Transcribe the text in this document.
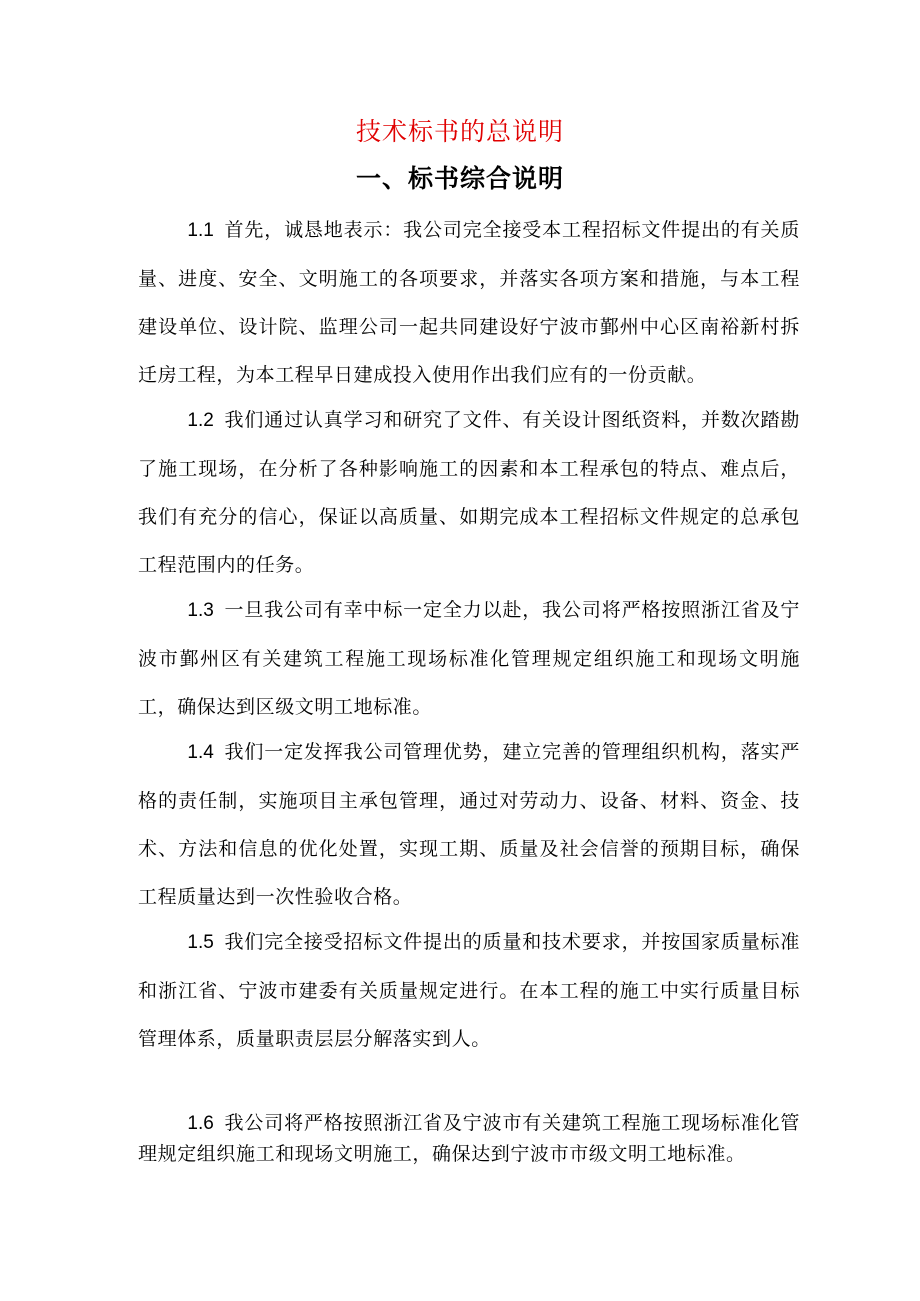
技术标书的总说明
一、标书综合说明

1.1 首先，诚恳地表示：我公司完全接受本工程招标文件提出的有关质量、进度、安全、文明施工的各项要求，并落实各项方案和措施，与本工程建设单位、设计院、监理公司一起共同建设好宁波市鄞州中心区南裕新村拆迁房工程，为本工程早日建成投入使用作出我们应有的一份贡献。

1.2 我们通过认真学习和研究了文件、有关设计图纸资料，并数次踏勘了施工现场，在分析了各种影响施工的因素和本工程承包的特点、难点后，我们有充分的信心，保证以高质量、如期完成本工程招标文件规定的总承包工程范围内的任务。

1.3 一旦我公司有幸中标一定全力以赴，我公司将严格按照浙江省及宁波市鄞州区有关建筑工程施工现场标准化管理规定组织施工和现场文明施工，确保达到区级文明工地标准。

1.4 我们一定发挥我公司管理优势，建立完善的管理组织机构，落实严格的责任制，实施项目主承包管理，通过对劳动力、设备、材料、资金、技术、方法和信息的优化处置，实现工期、质量及社会信誉的预期目标，确保工程质量达到一次性验收合格。

1.5 我们完全接受招标文件提出的质量和技术要求，并按国家质量标准和浙江省、宁波市建委有关质量规定进行。在本工程的施工中实行质量目标管理体系，质量职责层层分解落实到人。

1.6 我公司将严格按照浙江省及宁波市有关建筑工程施工现场标准化管理规定组织施工和现场文明施工，确保达到宁波市市级文明工地标准。
